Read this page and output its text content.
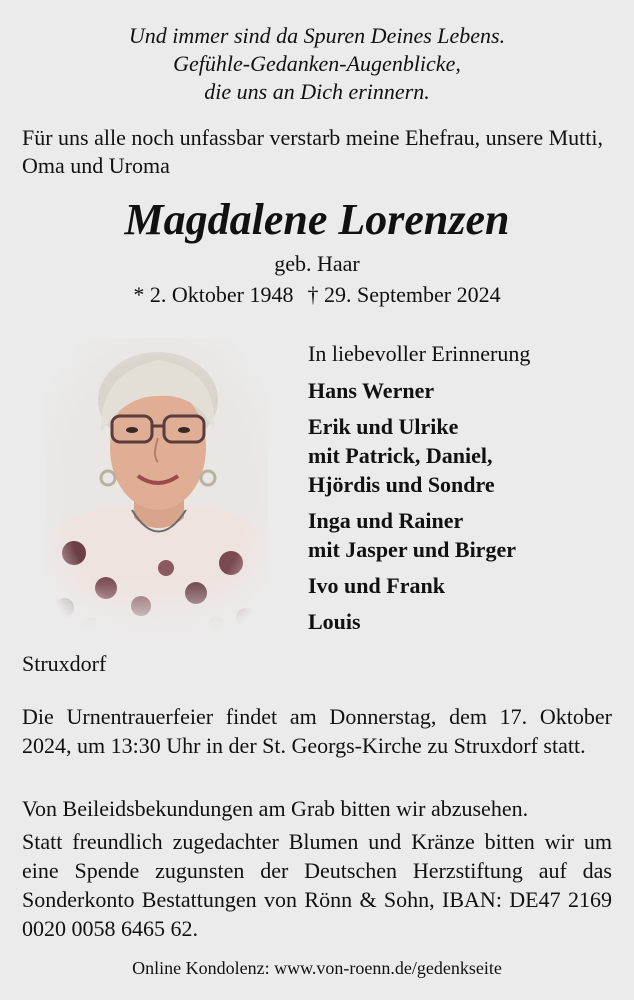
Und immer sind da Spuren Deines Lebens.
Gefühle-Gedanken-Augenblicke,
die uns an Dich erinnern.
Für uns alle noch unfassbar verstarb meine Ehefrau, unsere Mutti, Oma und Uroma
Magdalene Lorenzen
geb. Haar
* 2. Oktober 1948 † 29. September 2024
In liebevoller Erinnerung
Hans Werner
Erik und Ulrike
mit Patrick, Daniel,
Hjördis und Sondre
Inga und Rainer
mit Jasper und Birger
Ivo und Frank
Louis
Struxdorf
Die Urnentrauerfeier findet am Donnerstag, dem 17. Oktober 2024, um 13:30 Uhr in der St. Georgs-Kirche zu Struxdorf statt.
Von Beileidsbekundungen am Grab bitten wir abzusehen.
Statt freundlich zugedachter Blumen und Kränze bitten wir um eine Spende zugunsten der Deutschen Herzstiftung auf das Sonderkonto Bestattungen von Rönn & Sohn, IBAN: DE47 2169 0020 0058 6465 62.
Online Kondolenz: www.von-roenn.de/gedenkseite
